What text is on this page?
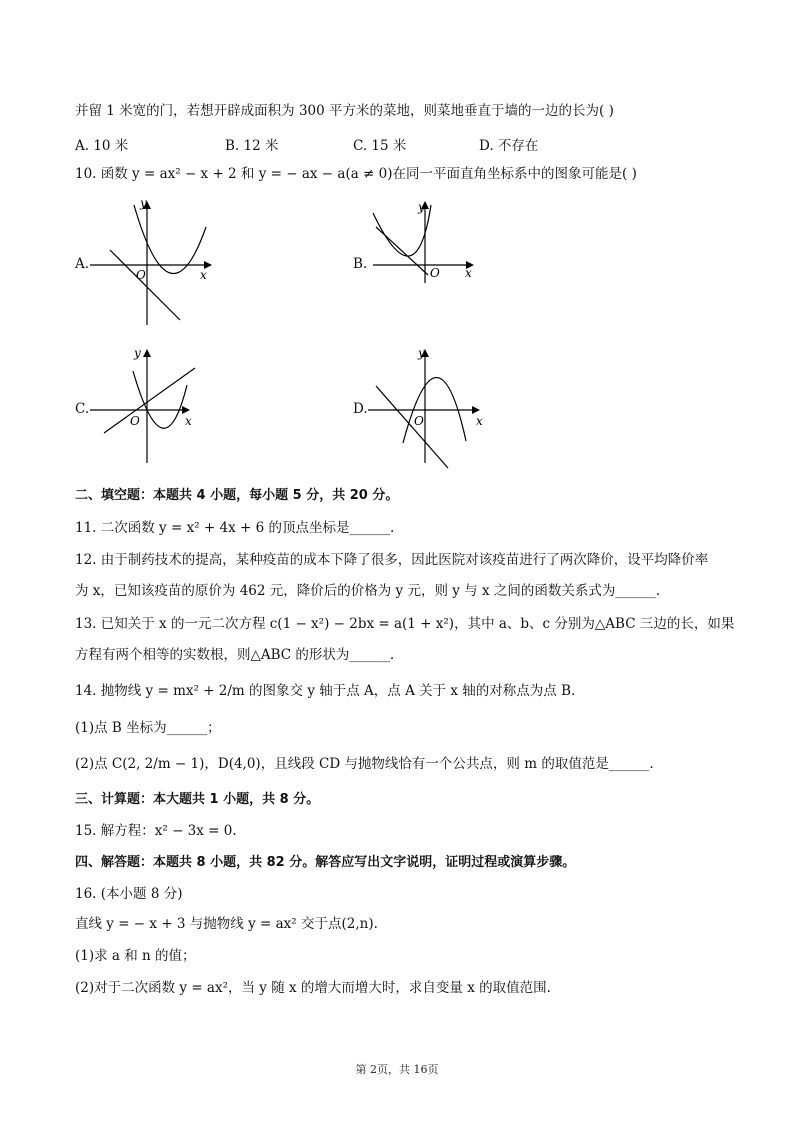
并留 1 米宽的门，若想开辟成面积为 300 平方米的菜地，则菜地垂直于墙的一边的长为( )
A. 10 米	B. 12 米	C. 15 米	D. 不存在
10. 函数 y = ax² − x + 2 和 y = − ax − a(a ≠ 0)在同一平面直角坐标系中的图象可能是( )
A.
y
x
O
B.
y
x
O
C.
y
x
O
D.
y
x
O
二、填空题：本题共 4 小题，每小题 5 分，共 20 分。
11. 二次函数 y = x² + 4x + 6 的顶点坐标是______.
12. 由于制药技术的提高，某种疫苗的成本下降了很多，因此医院对该疫苗进行了两次降价，设平均降价率
为 x，已知该疫苗的原价为 462 元，降价后的价格为 y 元，则 y 与 x 之间的函数关系式为______.
13. 已知关于 x 的一元二次方程 c(1 − x²) − 2bx = a(1 + x²)，其中 a、b、c 分别为△ABC 三边的长，如果
方程有两个相等的实数根，则△ABC 的形状为______.
14. 抛物线 y = mx² + 2/m 的图象交 y 轴于点 A，点 A 关于 x 轴的对称点为点 B.
(1)点 B 坐标为______；
(2)点 C(2, 2/m − 1)，D(4,0)，且线段 CD 与抛物线恰有一个公共点，则 m 的取值范是______.
三、计算题：本大题共 1 小题，共 8 分。
15. 解方程：x² − 3x = 0.
四、解答题：本题共 8 小题，共 82 分。解答应写出文字说明，证明过程或演算步骤。
16. (本小题 8 分)
直线 y = − x + 3 与抛物线 y = ax² 交于点(2,n).
(1)求 a 和 n 的值；
(2)对于二次函数 y = ax²，当 y 随 x 的增大而增大时，求自变量 x 的取值范围.
第 2页，共 16页
